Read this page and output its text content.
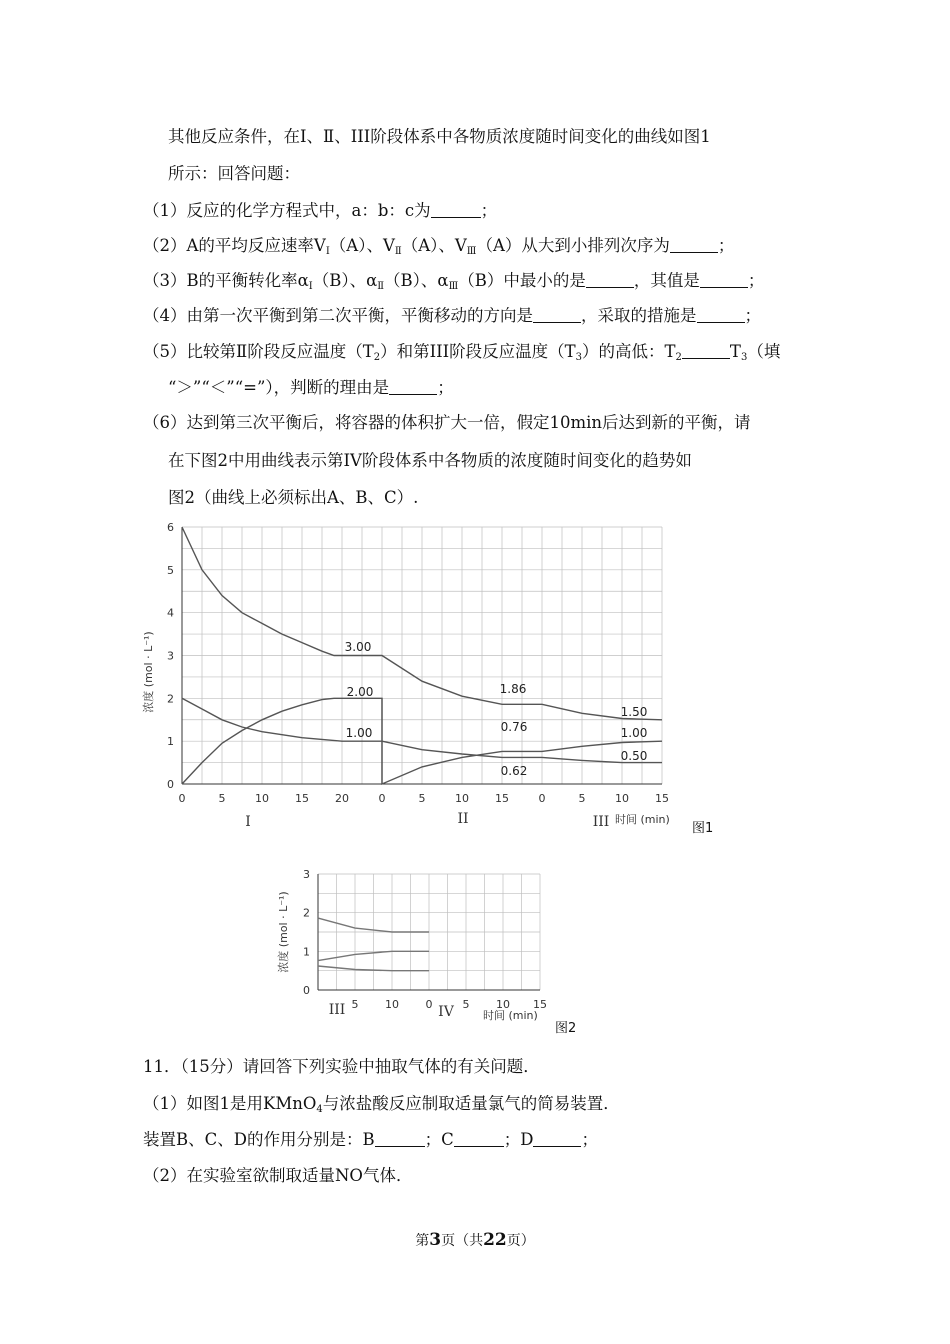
其他反应条件，在Ⅰ、Ⅱ、III阶段体系中各物质浓度随时间变化的曲线如图1
所示：回答问题：
（1）反应的化学方程式中，a：b：c为	；
（2）A的平均反应速率$V_Ⅰ(A)$、$V_Ⅱ(A)$、$V_Ⅲ(A)$从大到小排列次序为	；
（3）B的平衡转化率$\alpha_Ⅰ(B)$、$\alpha_Ⅱ(B)$、$\alpha_Ⅲ(B)$中最小的是	，其值是	；
（4）由第一次平衡到第二次平衡，平衡移动的方向是	，采取的措施是	；
（5）比较第Ⅱ阶段反应温度$(T_2)$和第III阶段反应温度$(T_3)$的高低：$T_2$	$T_3$（填
“＞”“＜”“=”），判断的理由是	；
（6）达到第三次平衡后，将容器的体积扩大一倍，假定10min后达到新的平衡，请
在下图2中用曲线表示第IV阶段体系中各物质的浓度随时间变化的趋势如
图2（曲线上必须标出A、B、C）.
0
1
2
3
4
5
6
0	5	10 15 20	0	5	10 15	0	5	10 15
I	II	III
3.00
2.00
1.00
1.86
0.76
0.62
1.50
1.00
0.50
浓度 (mol · L⁻¹)
时间 (min)
图1
0
1
2
3
5 10 0	5 10 15
III	IV
浓度 (mol · L⁻¹)
时间 (min)
图2
11．（15分）请回答下列实验中抽取气体的有关问题．
（1）如图1是用KMnO$_4$与浓盐酸反应制取适量氯气的简易装置．
装置B、C、D的作用分别是：B	；C	；D	；
（2）在实验室欲制取适量NO气体．
第3页（共22页）
